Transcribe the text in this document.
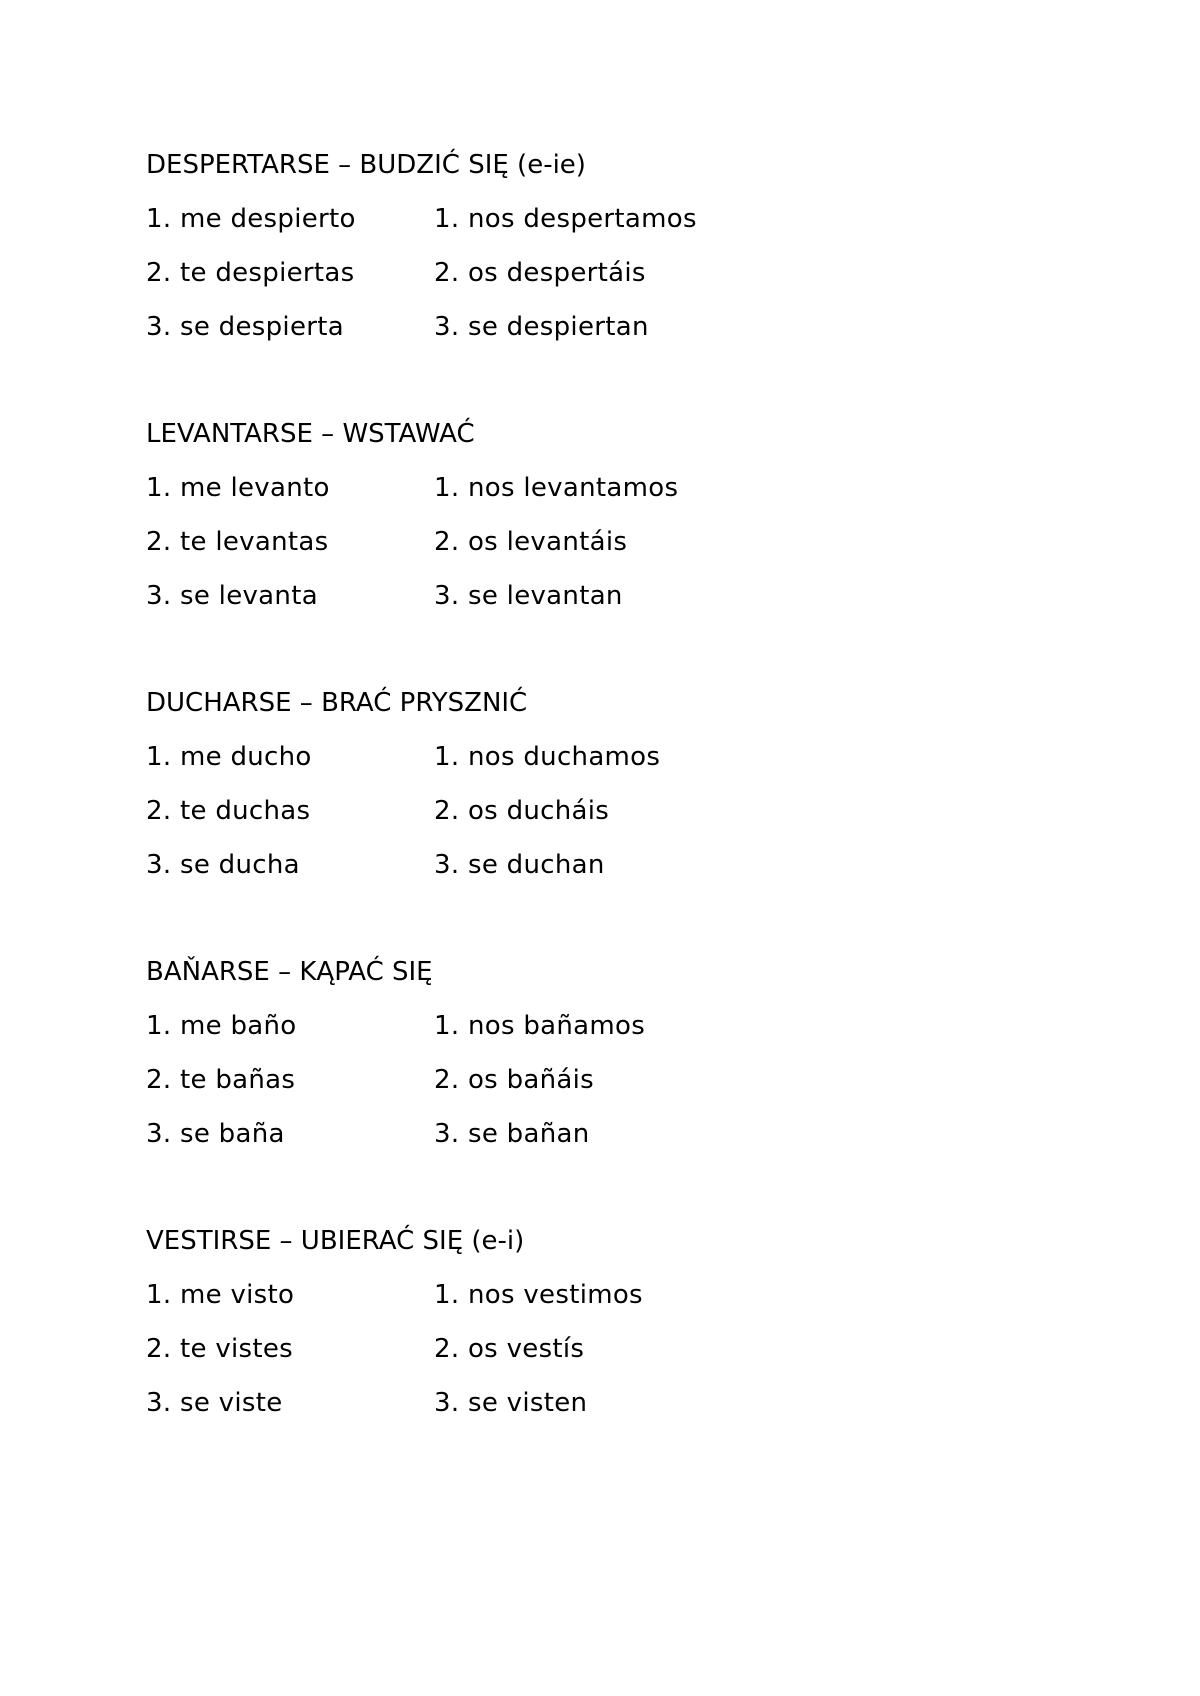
DESPERTARSE – BUDZIĆ SIĘ (e-ie)
1. me despierto	1. nos despertamos
2. te despiertas	2. os despertáis
3. se despierta	3. se despiertan
LEVANTARSE – WSTAWAĆ
1. me levanto	1. nos levantamos
2. te levantas	2. os levantáis
3. se levanta	3. se levantan
DUCHARSE – BRAĆ PRYSZNIĆ
1. me ducho	1. nos duchamos
2. te duchas	2. os ducháis
3. se ducha	3. se duchan
BAŇARSE – KĄPAĆ SIĘ
1. me baño	1. nos bañamos
2. te bañas	2. os bañáis
3. se baña	3. se bañan
VESTIRSE – UBIERAĆ SIĘ (e-i)
1. me visto	1. nos vestimos
2. te vistes	2. os vestís
3. se viste	3. se visten
